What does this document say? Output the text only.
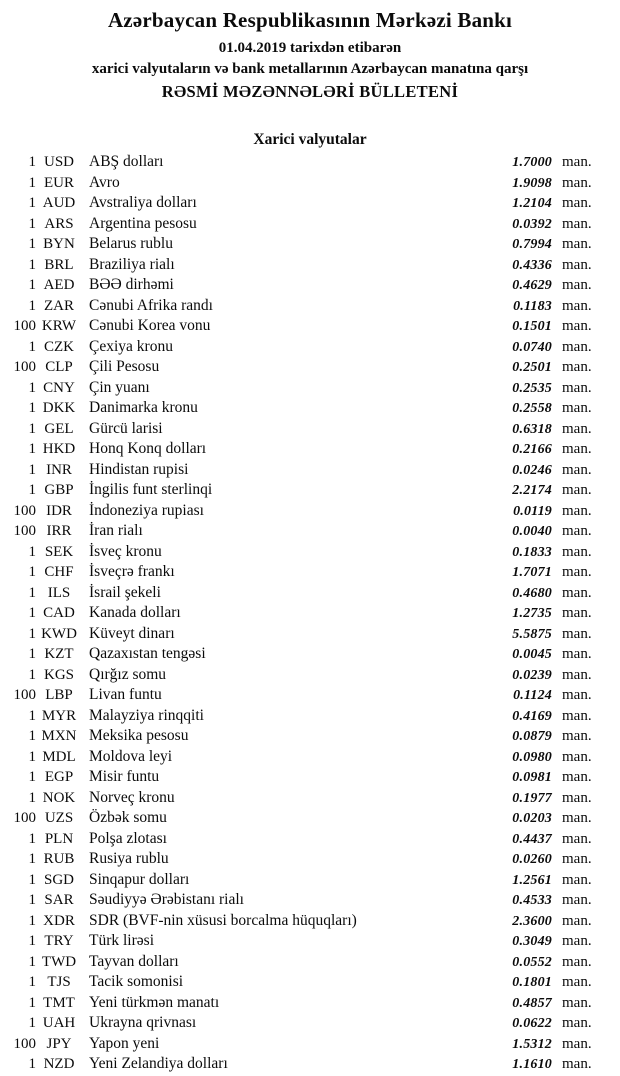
Azərbaycan Respublikasının Mərkəzi Bankı
01.04.2019 tarixdən etibarən
xarici valyutaların və bank metallarının Azərbaycan manatına qarşı
RƏSMİ MƏZƏNNƏLƏRİ BÜLLETENİ
Xarici valyutalar
1 USD ABŞ dolları	1.7000 man.
1 EUR Avro	1.9098 man.
1 AUD Avstraliya dolları	1.2104 man.
1 ARS Argentina pesosu	0.0392 man.
1 BYN Belarus rublu	0.7994 man.
1 BRL Braziliya rialı	0.4336 man.
1 AED BƏƏ dirhəmi	0.4629 man.
1 ZAR Cənubi Afrika randı	0.1183 man.
100 KRW Cənubi Korea vonu	0.1501 man.
1 CZK Çexiya kronu	0.0740 man.
100 CLP	Çili Pesosu	0.2501 man.
1 CNY Çin yuanı	0.2535 man.
1 DKK Danimarka kronu	0.2558 man.
1 GEL Gürcü larisi	0.6318 man.
1 HKD Honq Konq dolları	0.2166 man.
1 INR	Hindistan rupisi	0.0246 man.
1 GBP İngilis funt sterlinqi	2.2174 man.
100 IDR	İndoneziya rupiası	0.0119 man.
100 IRR	İran rialı	0.0040 man.
1 SEK	İsveç kronu	0.1833 man.
1 CHF İsveçrə frankı	1.7071 man.
1 ILS	İsrail şekeli	0.4680 man.
1 CAD Kanada dolları	1.2735 man.
1 KWD Küveyt dinarı	5.5875 man.
1 KZT Qazaxıstan tengəsi	0.0045 man.
1 KGS Qırğız somu	0.0239 man.
100 LBP	Livan funtu	0.1124 man.
1 MYR Malayziya rinqqiti	0.4169 man.
1 MXN Meksika pesosu	0.0879 man.
1 MDL Moldova leyi	0.0980 man.
1 EGP	Misir funtu	0.0981 man.
1 NOK Norveç kronu	0.1977 man.
100 UZS	Özbək somu	0.0203 man.
1 PLN	Polşa zlotası	0.4437 man.
1 RUB Rusiya rublu	0.0260 man.
1 SGD Sinqapur dolları	1.2561 man.
1 SAR Səudiyyə Ərəbistanı rialı	0.4533 man.
1 XDR SDR (BVF-nin xüsusi borcalma hüquqları)	2.3600 man.
1 TRY Türk lirəsi	0.3049 man.
1 TWD Tayvan dolları	0.0552 man.
1 TJS	Tacik somonisi	0.1801 man.
1 TMT Yeni türkmən manatı	0.4857 man.
1 UAH Ukrayna qrivnası	0.0622 man.
100 JPY	Yapon yeni	1.5312 man.
1 NZD Yeni Zelandiya dolları	1.1610 man.
